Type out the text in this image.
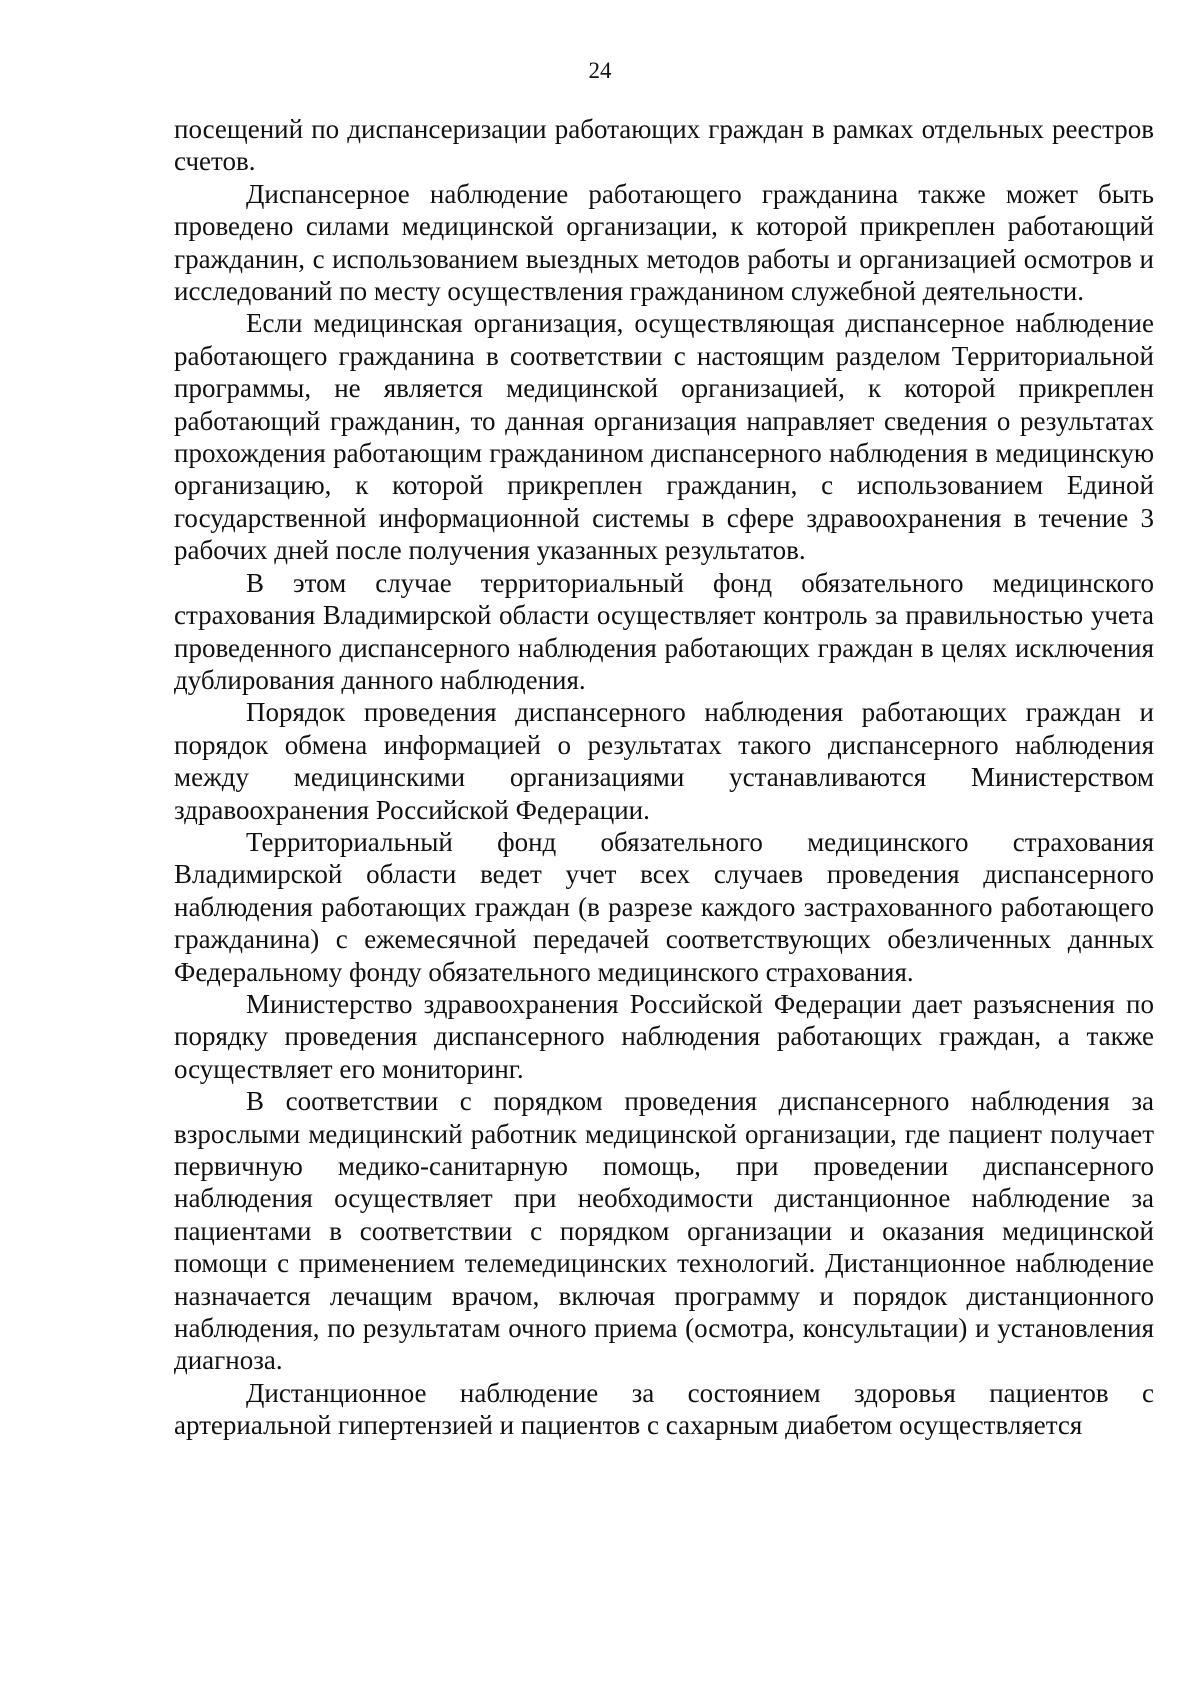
24

посещений по диспансеризации работающих граждан в рамках отдельных реестров счетов.

Диспансерное наблюдение работающего гражданина также может быть проведено силами медицинской организации, к которой прикреплен работающий гражданин, с использованием выездных методов работы и организацией осмотров и исследований по месту осуществления гражданином служебной деятельности.

Если медицинская организация, осуществляющая диспансерное наблюдение работающего гражданина в соответствии с настоящим разделом Территориальной программы, не является медицинской организацией, к которой прикреплен работающий гражданин, то данная организация направляет сведения о результатах прохождения работающим гражданином диспансерного наблюдения в медицинскую организацию, к которой прикреплен гражданин, с использованием Единой государственной информационной системы в сфере здравоохранения в течение 3 рабочих дней после получения указанных результатов.

В этом случае территориальный фонд обязательного медицинского страхования Владимирской области осуществляет контроль за правильностью учета проведенного диспансерного наблюдения работающих граждан в целях исключения дублирования данного наблюдения.

Порядок проведения диспансерного наблюдения работающих граждан и порядок обмена информацией о результатах такого диспансерного наблюдения между медицинскими организациями устанавливаются Министерством здравоохранения Российской Федерации.

Территориальный фонд обязательного медицинского страхования Владимирской области ведет учет всех случаев проведения диспансерного наблюдения работающих граждан (в разрезе каждого застрахованного работающего гражданина) с ежемесячной передачей соответствующих обезличенных данных Федеральному фонду обязательного медицинского страхования.

Министерство здравоохранения Российской Федерации дает разъяснения по порядку проведения диспансерного наблюдения работающих граждан, а также осуществляет его мониторинг.

В соответствии с порядком проведения диспансерного наблюдения за взрослыми медицинский работник медицинской организации, где пациент получает первичную медико-санитарную помощь, при проведении диспансерного наблюдения осуществляет при необходимости дистанционное наблюдение за пациентами в соответствии с порядком организации и оказания медицинской помощи с применением телемедицинских технологий. Дистанционное наблюдение назначается лечащим врачом, включая программу и порядок дистанционного наблюдения, по результатам очного приема (осмотра, консультации) и установления диагноза.

Дистанционное наблюдение за состоянием здоровья пациентов с артериальной гипертензией и пациентов с сахарным диабетом осуществляется
